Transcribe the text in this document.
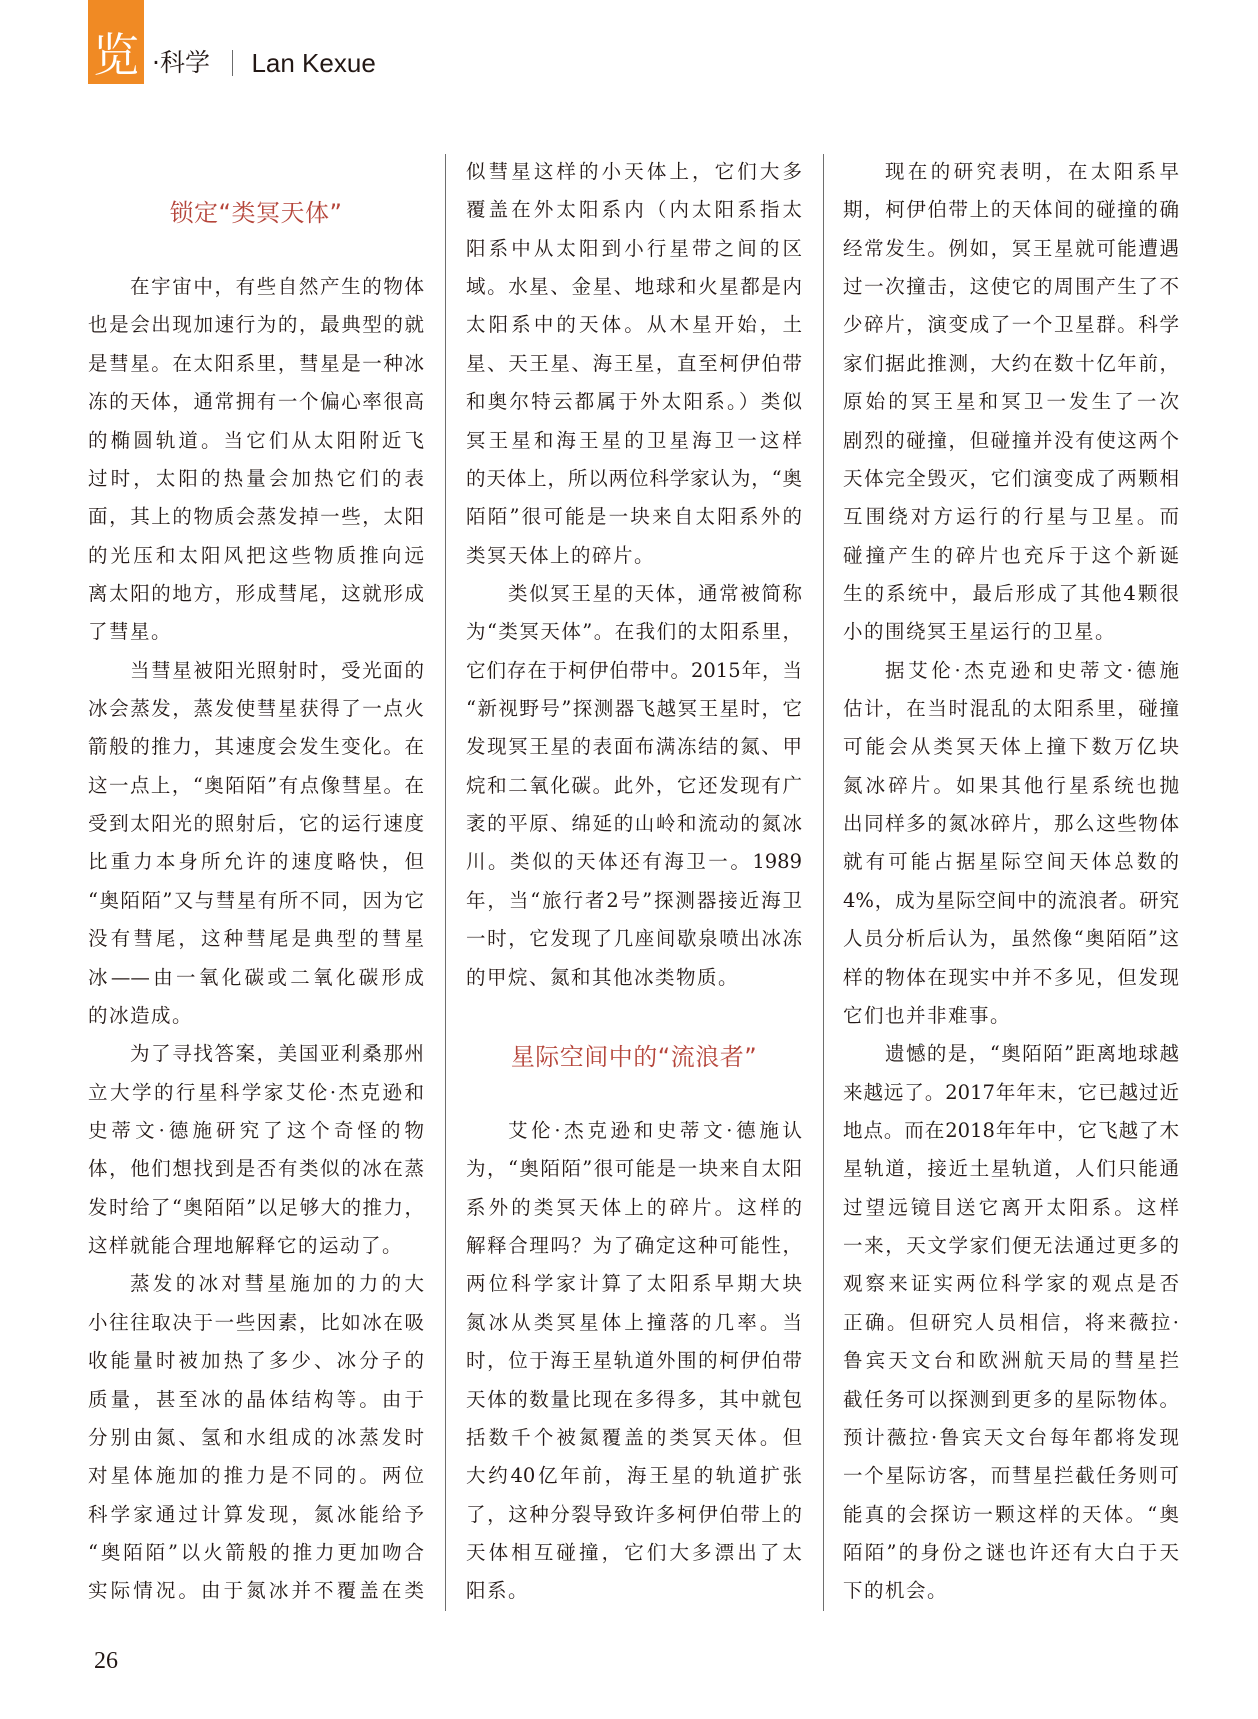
览 ·科学 Lan Kexue
锁定“类冥天体”
在宇宙中，有些自然产生的物体
也是会出现加速行为的，最典型的就
是彗星。在太阳系里，彗星是一种冰
冻的天体，通常拥有一个偏心率很高
的椭圆轨道。当它们从太阳附近飞
过时，太阳的热量会加热它们的表
面，其上的物质会蒸发掉一些，太阳
的光压和太阳风把这些物质推向远
离太阳的地方，形成彗尾，这就形成
了彗星。
当彗星被阳光照射时，受光面的
冰会蒸发，蒸发使彗星获得了一点火
箭般的推力，其速度会发生变化。在
这一点上，“奥陌陌”有点像彗星。在
受到太阳光的照射后，它的运行速度
比重力本身所允许的速度略快，但
“奥陌陌”又与彗星有所不同，因为它
没有彗尾，这种彗尾是典型的彗星
冰——由一氧化碳或二氧化碳形成
的冰造成。
为了寻找答案，美国亚利桑那州
立大学的行星科学家艾伦·杰克逊和
史蒂文·德施研究了这个奇怪的物
体，他们想找到是否有类似的冰在蒸
发时给了“奥陌陌”以足够大的推力，
这样就能合理地解释它的运动了。
蒸发的冰对彗星施加的力的大
小往往取决于一些因素，比如冰在吸
收能量时被加热了多少、冰分子的
质量，甚至冰的晶体结构等。由于
分别由氮、氢和水组成的冰蒸发时
对星体施加的推力是不同的。两位
科学家通过计算发现，氮冰能给予
“奥陌陌”以火箭般的推力更加吻合
实际情况。由于氮冰并不覆盖在类
似彗星这样的小天体上，它们大多
覆盖在外太阳系内（内太阳系指太
阳系中从太阳到小行星带之间的区
域。水星、金星、地球和火星都是内
太阳系中的天体。从木星开始，土
星、天王星、海王星，直至柯伊伯带
和奥尔特云都属于外太阳系。）类似
冥王星和海王星的卫星海卫一这样
的天体上，所以两位科学家认为，“奥
陌陌”很可能是一块来自太阳系外的
类冥天体上的碎片。
类似冥王星的天体，通常被简称
为“类冥天体”。在我们的太阳系里，
它们存在于柯伊伯带中。2015年，当
“新视野号”探测器飞越冥王星时，它
发现冥王星的表面布满冻结的氮、甲
烷和二氧化碳。此外，它还发现有广
袤的平原、绵延的山岭和流动的氮冰
川。类似的天体还有海卫一。1989
年，当“旅行者2号”探测器接近海卫
一时，它发现了几座间歇泉喷出冰冻
的甲烷、氮和其他冰类物质。
星际空间中的“流浪者”
艾伦·杰克逊和史蒂文·德施认
为，“奥陌陌”很可能是一块来自太阳
系外的类冥天体上的碎片。这样的
解释合理吗？为了确定这种可能性，
两位科学家计算了太阳系早期大块
氮冰从类冥星体上撞落的几率。当
时，位于海王星轨道外围的柯伊伯带
天体的数量比现在多得多，其中就包
括数千个被氮覆盖的类冥天体。但
大约40亿年前，海王星的轨道扩张
了，这种分裂导致许多柯伊伯带上的
天体相互碰撞，它们大多漂出了太
阳系。
现在的研究表明，在太阳系早
期，柯伊伯带上的天体间的碰撞的确
经常发生。例如，冥王星就可能遭遇
过一次撞击，这使它的周围产生了不
少碎片，演变成了一个卫星群。科学
家们据此推测，大约在数十亿年前，
原始的冥王星和冥卫一发生了一次
剧烈的碰撞，但碰撞并没有使这两个
天体完全毁灭，它们演变成了两颗相
互围绕对方运行的行星与卫星。而
碰撞产生的碎片也充斥于这个新诞
生的系统中，最后形成了其他4颗很
小的围绕冥王星运行的卫星。
据艾伦·杰克逊和史蒂文·德施
估计，在当时混乱的太阳系里，碰撞
可能会从类冥天体上撞下数万亿块
氮冰碎片。如果其他行星系统也抛
出同样多的氮冰碎片，那么这些物体
就有可能占据星际空间天体总数的
4%，成为星际空间中的流浪者。研究
人员分析后认为，虽然像“奥陌陌”这
样的物体在现实中并不多见，但发现
它们也并非难事。
遗憾的是，“奥陌陌”距离地球越
来越远了。2017年年末，它已越过近
地点。而在2018年年中，它飞越了木
星轨道，接近土星轨道，人们只能通
过望远镜目送它离开太阳系。这样
一来，天文学家们便无法通过更多的
观察来证实两位科学家的观点是否
正确。但研究人员相信，将来薇拉·
鲁宾天文台和欧洲航天局的彗星拦
截任务可以探测到更多的星际物体。
预计薇拉·鲁宾天文台每年都将发现
一个星际访客，而彗星拦截任务则可
能真的会探访一颗这样的天体。“奥
陌陌”的身份之谜也许还有大白于天
下的机会。
26
